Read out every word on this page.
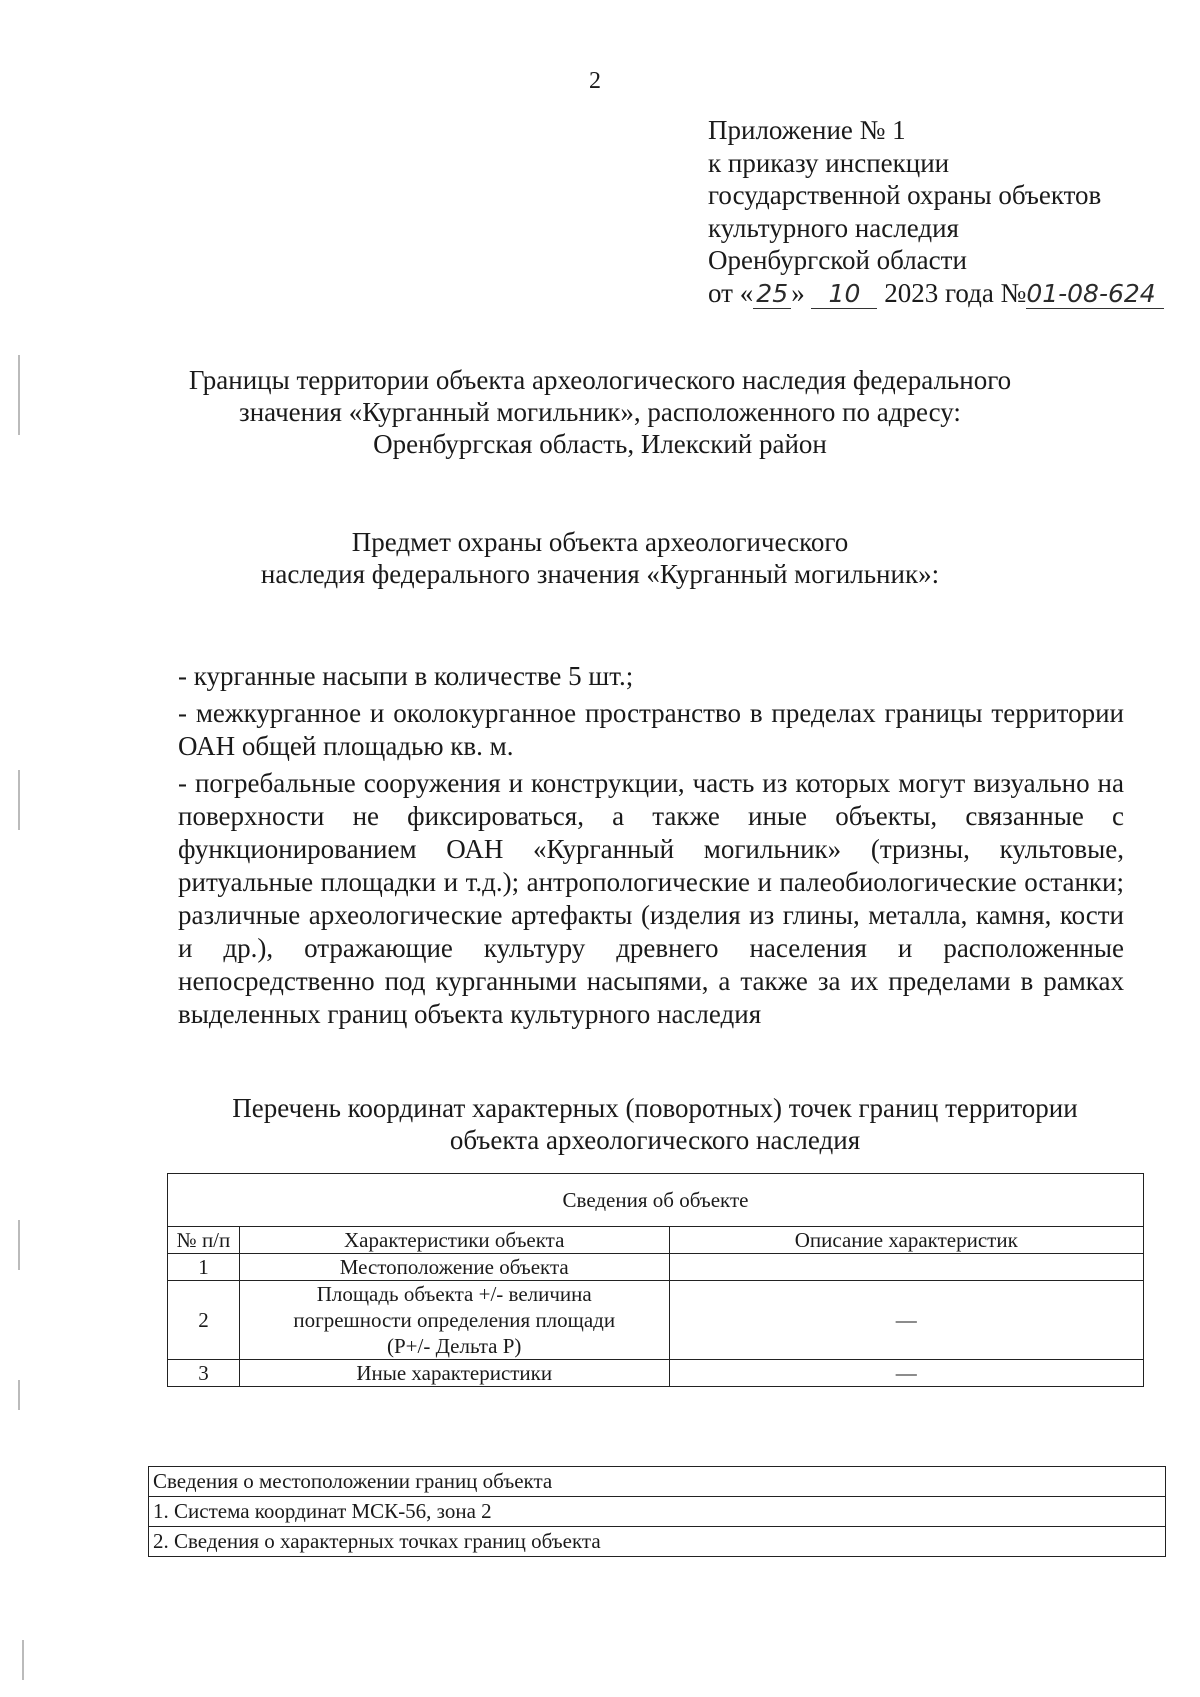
2
Приложение № 1
к приказу инспекции
государственной охраны объектов
культурного наследия
Оренбургской области
от « 25 » 10 2023 года №01-08-624
Границы территории объекта археологического наследия федерального
значения «Курганный могильник», расположенного по адресу:
Оренбургская область, Илекский район
Предмет охраны объекта археологического
наследия федерального значения «Курганный могильник»:

- курганные насыпи в количестве 5 шт.;

- межкурганное и околокурганное пространство в пределах границы территории ОАН общей площадью кв. м.

- погребальные сооружения и конструкции, часть из которых могут визуально на поверхности не фиксироваться, а также иные объекты, связанные с функционированием ОАН «Курганный могильник» (тризны, культовые, ритуальные площадки и т.д.); антропологические и палеобиологические останки; различные археологические артефакты (изделия из глины, металла, камня, кости и др.), отражающие культуру древнего населения и расположенные непосредственно под курганными насыпями, а также за их пределами в рамках выделенных границ объекта культурного наследия

Перечень координат характерных (поворотных) точек границ территории
объекта археологического наследия
Сведения об объекте		
№ п/п	Характеристики объекта	Описание характеристик
1	Местоположение объекта	
2	Площадь объекта +/- величина погрешности определения площади (Р+/- Дельта Р)	—
3	Иные характеристики	—
Сведения о местоположении границ объекта
1. Система координат МСК-56, зона 2
2. Сведения о характерных точках границ объекта
